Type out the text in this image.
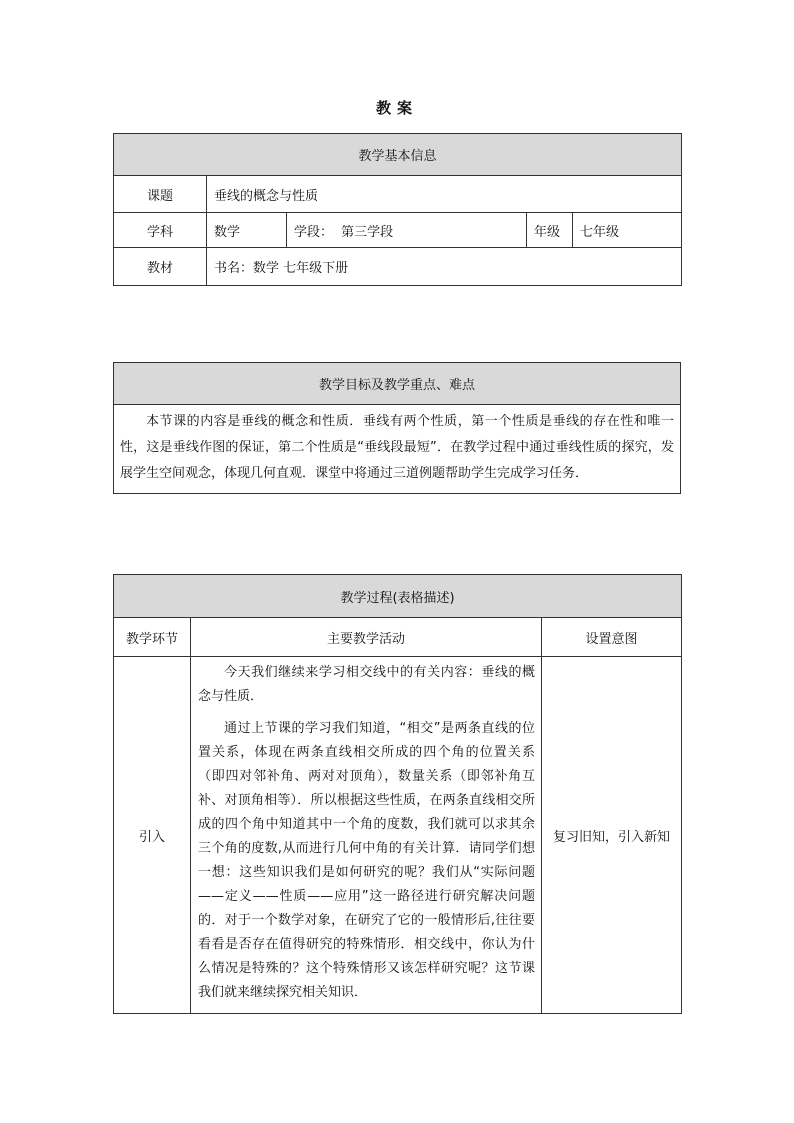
教案
教学基本信息				
课题	垂线的概念与性质			
学科	数学	学段： 第三学段	年级	七年级
教材	书名：数学 七年级下册			
教学目标及教学重点、难点
本节课的内容是垂线的概念和性质．垂线有两个性质，第一个性质是垂线的存在性和唯一性，这是垂线作图的保证，第二个性质是“垂线段最短”．在教学过程中通过垂线性质的探究，发展学生空间观念，体现几何直观．课堂中将通过三道例题帮助学生完成学习任务．
教学过程(表格描述)		
教学环节	主要教学活动	设置意图
引入	今天我们继续来学习相交线中的有关内容：垂线的概念与性质．

通过上节课的学习我们知道，“相交”是两条直线的位置关系，体现在两条直线相交所成的四个角的位置关系（即四对邻补角、两对对顶角），数量关系（即邻补角互补、对顶角相等）．所以根据这些性质，在两条直线相交所成的四个角中知道其中一个角的度数，我们就可以求其余三个角的度数,从而进行几何中角的有关计算．请同学们想一想：这些知识我们是如何研究的呢？我们从“实际问题——定义——性质——应用”这一路径进行研究解决问题的．对于一个数学对象，在研究了它的一般情形后,往往要看看是否存在值得研究的特殊情形．相交线中，你认为什么情况是特殊的？这个特殊情形又该怎样研究呢？这节课我们就来继续探究相关知识．	复习旧知，引入新知
